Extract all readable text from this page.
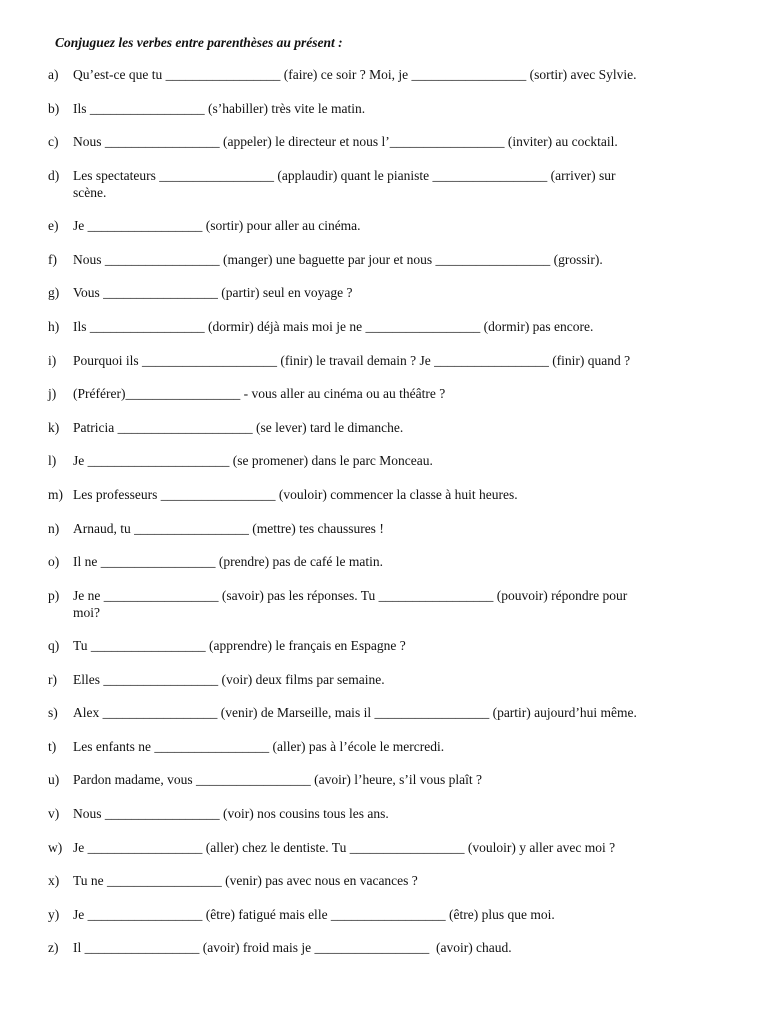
Conjuguez les verbes entre parenthèses au présent :
a) Qu’est-ce que tu _________________ (faire) ce soir ? Moi, je _________________ (sortir) avec Sylvie.
b) Ils _________________ (s’habiller) très vite le matin.
c) Nous _________________ (appeler) le directeur et nous l’_________________ (inviter) au cocktail.
d) Les spectateurs _________________ (applaudir) quant le pianiste _________________ (arriver) sur
scène.
e) Je _________________ (sortir) pour aller au cinéma.
f) Nous _________________ (manger) une baguette par jour et nous _________________ (grossir).
g) Vous _________________ (partir) seul en voyage ?
h) Ils _________________ (dormir) déjà mais moi je ne _________________ (dormir) pas encore.
i) Pourquoi ils ____________________ (finir) le travail demain ? Je _________________ (finir) quand ?
j) (Préférer)_________________ - vous aller au cinéma ou au théâtre ?
k) Patricia ____________________ (se lever) tard le dimanche.
l) Je _____________________ (se promener) dans le parc Monceau.
m) Les professeurs _________________ (vouloir) commencer la classe à huit heures.
n) Arnaud, tu _________________ (mettre) tes chaussures !
o) Il ne _________________ (prendre) pas de café le matin.
p) Je ne _________________ (savoir) pas les réponses. Tu _________________ (pouvoir) répondre pour
moi?
q) Tu _________________ (apprendre) le français en Espagne ?
r) Elles _________________ (voir) deux films par semaine.
s) Alex _________________ (venir) de Marseille, mais il _________________ (partir) aujourd’hui même.
t) Les enfants ne _________________ (aller) pas à l’école le mercredi.
u) Pardon madame, vous _________________ (avoir) l’heure, s’il vous plaît ?
v) Nous _________________ (voir) nos cousins tous les ans.
w) Je _________________ (aller) chez le dentiste. Tu _________________ (vouloir) y aller avec moi ?
x) Tu ne _________________ (venir) pas avec nous en vacances ?
y) Je _________________ (être) fatigué mais elle _________________ (être) plus que moi.
z) Il _________________ (avoir) froid mais je _________________  (avoir) chaud.
